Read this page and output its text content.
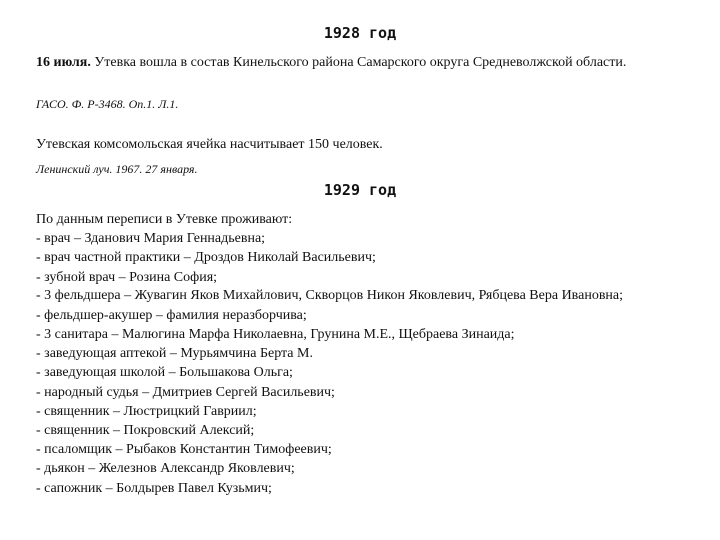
1928 год
16 июля. Утевка вошла в состав Кинельского района Самарского округа Средневолжской области.
ГАСО. Ф. Р-3468. Оп.1. Л.1.
Утевская комсомольская ячейка насчитывает 150 человек.
Ленинский луч. 1967. 27 января.
1929 год
По данным переписи в Утевке проживают:
- врач – Зданович Мария Геннадьевна;
- врач частной практики – Дроздов Николай Васильевич;
- зубной врач – Розина София;
- 3 фельдшера – Жувагин Яков Михайлович, Скворцов Никон Яковлевич, Рябцева Вера Ивановна;
- фельдшер-акушер – фамилия неразборчива;
- 3 санитара – Малюгина Марфа Николаевна, Грунина М.Е., Щебраева Зинаида;
- заведующая аптекой – Мурьямчина Берта М.
- заведующая школой – Большакова Ольга;
- народный судья – Дмитриев Сергей Васильевич;
- священник – Люстрицкий Гавриил;
- священник – Покровский Алексий;
- псаломщик – Рыбаков Константин Тимофеевич;
- дьякон – Железнов Александр Яковлевич;
- сапожник – Болдырев Павел Кузьмич;
